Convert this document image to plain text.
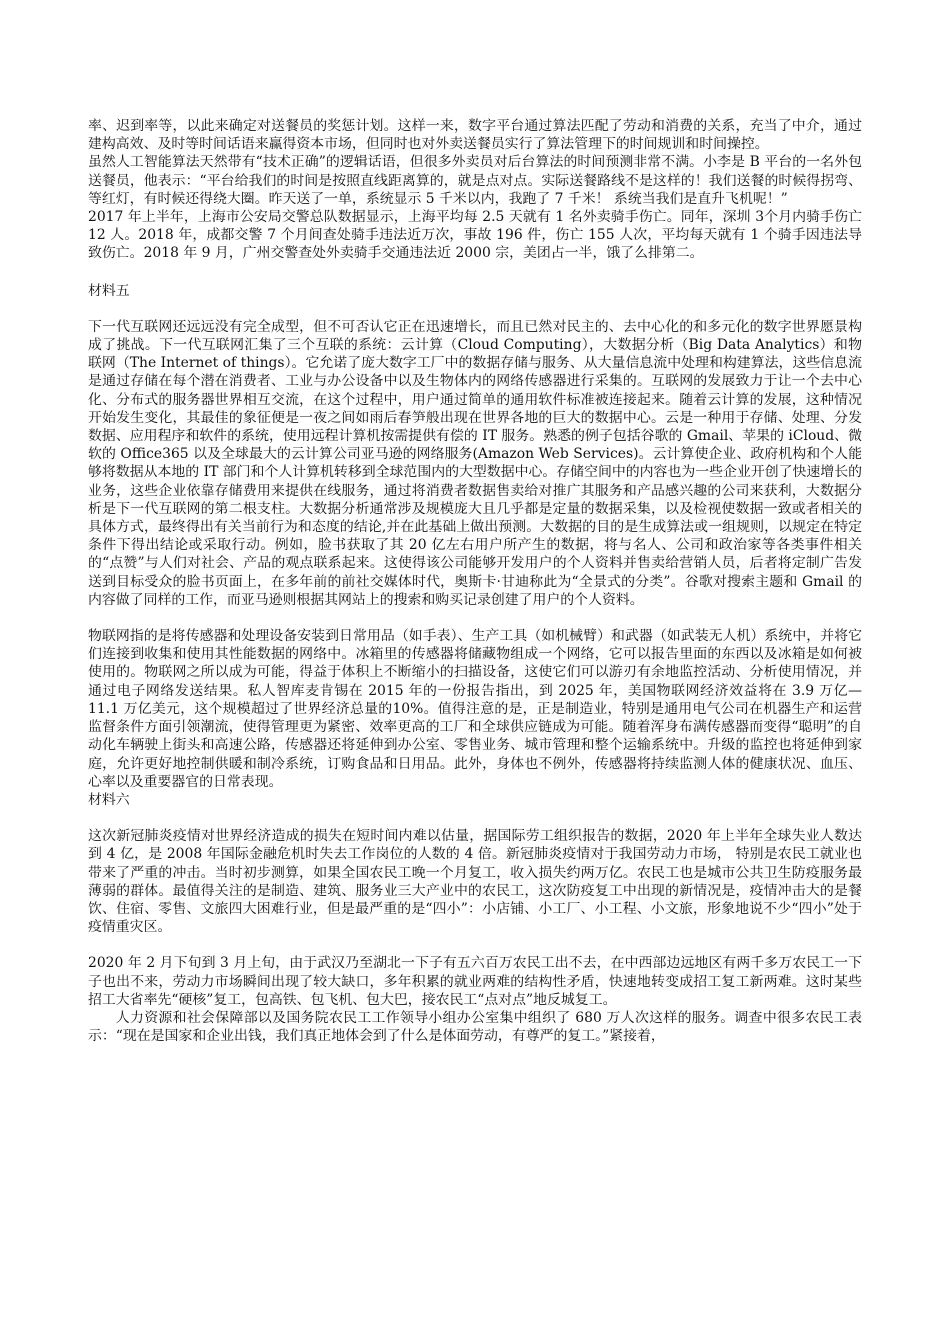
率、迟到率等，以此来确定对送餐员的奖惩计划。这样一来，数字平台通过算法匹配了劳动和消费的关系，充当了中介，通过建构高效、及时等时间话语来赢得资本市场，但同时也对外卖送餐员实行了算法管理下的时间规训和时间操控。

虽然人工智能算法天然带有“技术正确”的逻辑话语，但很多外卖员对后台算法的时间预测非常不满。小李是 B 平台的一名外包送餐员，他表示：“平台给我们的时间是按照直线距离算的，就是点对点。实际送餐路线不是这样的！我们送餐的时候得拐弯、等红灯，有时候还得绕大圈。昨天送了一单，系统显示 5 千米以内，我跑了 7 千米！ 系统当我们是直升飞机呢！”

2017 年上半年，上海市公安局交警总队数据显示，上海平均每 2.5 天就有 1 名外卖骑手伤亡。同年，深圳 3个月内骑手伤亡 12 人。2018 年，成都交警 7 个月间查处骑手违法近万次，事故 196 件，伤亡 155 人次，平均每天就有 1 个骑手因违法导致伤亡。2018 年 9 月，广州交警查处外卖骑手交通违法近 2000 宗，美团占一半，饿了么排第二。

材料五

下一代互联网还远远没有完全成型，但不可否认它正在迅速增长，而且已然对民主的、去中心化的和多元化的数字世界愿景构成了挑战。下一代互联网汇集了三个互联的系统：云计算（Cloud Computing），大数据分析（Big Data Analytics）和物联网（The Internet of things）。它允诺了庞大数字工厂中的数据存储与服务、从大量信息流中处理和构建算法，这些信息流是通过存储在每个潜在消费者、工业与办公设备中以及生物体内的网络传感器进行采集的。互联网的发展致力于让一个去中心化、分布式的服务器世界相互交流，在这个过程中，用户通过简单的通用软件标准被连接起来。随着云计算的发展，这种情况开始发生变化，其最佳的象征便是一夜之间如雨后春笋般出现在世界各地的巨大的数据中心。云是一种用于存储、处理、分发数据、应用程序和软件的系统，使用远程计算机按需提供有偿的 IT 服务。熟悉的例子包括谷歌的 Gmail、苹果的 iCloud、微软的 Office365 以及全球最大的云计算公司亚马逊的网络服务(Amazon Web Services)。云计算使企业、政府机构和个人能够将数据从本地的 IT 部门和个人计算机转移到全球范围内的大型数据中心。存储空间中的内容也为一些企业开创了快速增长的业务，这些企业依靠存储费用来提供在线服务，通过将消费者数据售卖给对推广其服务和产品感兴趣的公司来获利，大数据分析是下一代互联网的第二根支柱。大数据分析通常涉及规模庞大且几乎都是定量的数据采集，以及检视使数据一致或者相关的具体方式，最终得出有关当前行为和态度的结论,并在此基础上做出预测。大数据的目的是生成算法或一组规则，以规定在特定条件下得出结论或采取行动。例如，脸书获取了其 20 亿左右用户所产生的数据，将与名人、公司和政治家等各类事件相关的“点赞”与人们对社会、产品的观点联系起来。这使得该公司能够开发用户的个人资料并售卖给营销人员，后者将定制广告发送到目标受众的脸书页面上，在多年前的前社交媒体时代，奥斯卡·甘迪称此为“全景式的分类”。谷歌对搜索主题和 Gmail 的内容做了同样的工作，而亚马逊则根据其网站上的搜索和购买记录创建了用户的个人资料。

物联网指的是将传感器和处理设备安装到日常用品（如手表）、生产工具（如机械臂）和武器（如武装无人机）系统中，并将它们连接到收集和使用其性能数据的网络中。冰箱里的传感器将储藏物组成一个网络，它可以报告里面的东西以及冰箱是如何被使用的。物联网之所以成为可能，得益于体积上不断缩小的扫描设备，这使它们可以游刃有余地监控活动、分析使用情况，并通过电子网络发送结果。私人智库麦肯锡在 2015 年的一份报告指出，到 2025 年，美国物联网经济效益将在 3.9 万亿—11.1 万亿美元，这个规模超过了世界经济总量的10%。值得注意的是，正是制造业，特别是通用电气公司在机器生产和运营监督条件方面引领潮流，使得管理更为紧密、效率更高的工厂和全球供应链成为可能。随着浑身布满传感器而变得“聪明”的自动化车辆驶上街头和高速公路，传感器还将延伸到办公室、零售业务、城市管理和整个运输系统中。升级的监控也将延伸到家庭，允许更好地控制供暖和制冷系统，订购食品和日用品。此外，身体也不例外，传感器将持续监测人体的健康状况、血压、心率以及重要器官的日常表现。

材料六

这次新冠肺炎疫情对世界经济造成的损失在短时间内难以估量，据国际劳工组织报告的数据，2020 年上半年全球失业人数达到 4 亿，是 2008 年国际金融危机时失去工作岗位的人数的 4 倍。新冠肺炎疫情对于我国劳动力市场， 特别是农民工就业也带来了严重的冲击。当时初步测算，如果全国农民工晚一个月复工，收入损失约两万亿。农民工也是城市公共卫生防疫服务最薄弱的群体。最值得关注的是制造、建筑、服务业三大产业中的农民工，这次防疫复工中出现的新情况是，疫情冲击大的是餐饮、住宿、零售、文旅四大困难行业，但是最严重的是“四小”：小店铺、小工厂、小工程、小文旅，形象地说不少“四小”处于疫情重灾区。

2020 年 2 月下旬到 3 月上旬，由于武汉乃至湖北一下子有五六百万农民工出不去，在中西部边远地区有两千多万农民工一下子也出不来，劳动力市场瞬间出现了较大缺口，多年积累的就业两难的结构性矛盾，快速地转变成招工复工新两难。这时某些招工大省率先“硬核”复工，包高铁、包飞机、包大巴，接农民工“点对点”地反城复工。

人力资源和社会保障部以及国务院农民工工作领导小组办公室集中组织了 680 万人次这样的服务。调查中很多农民工表示：“现在是国家和企业出钱，我们真正地体会到了什么是体面劳动，有尊严的复工。”紧接着，
